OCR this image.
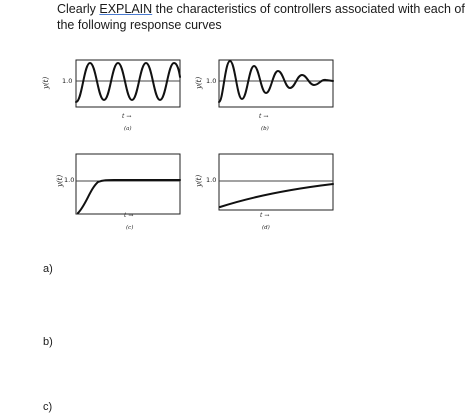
Clearly EXPLAIN the characteristics of controllers associated with each of the following response curves
y(t) 1.0
t →
(a)
y(t) 1.0
t →
(b)
y(t) 1.0
t →
(c)
y(t) 1.0
t →
(d)
a)
b)
c)
